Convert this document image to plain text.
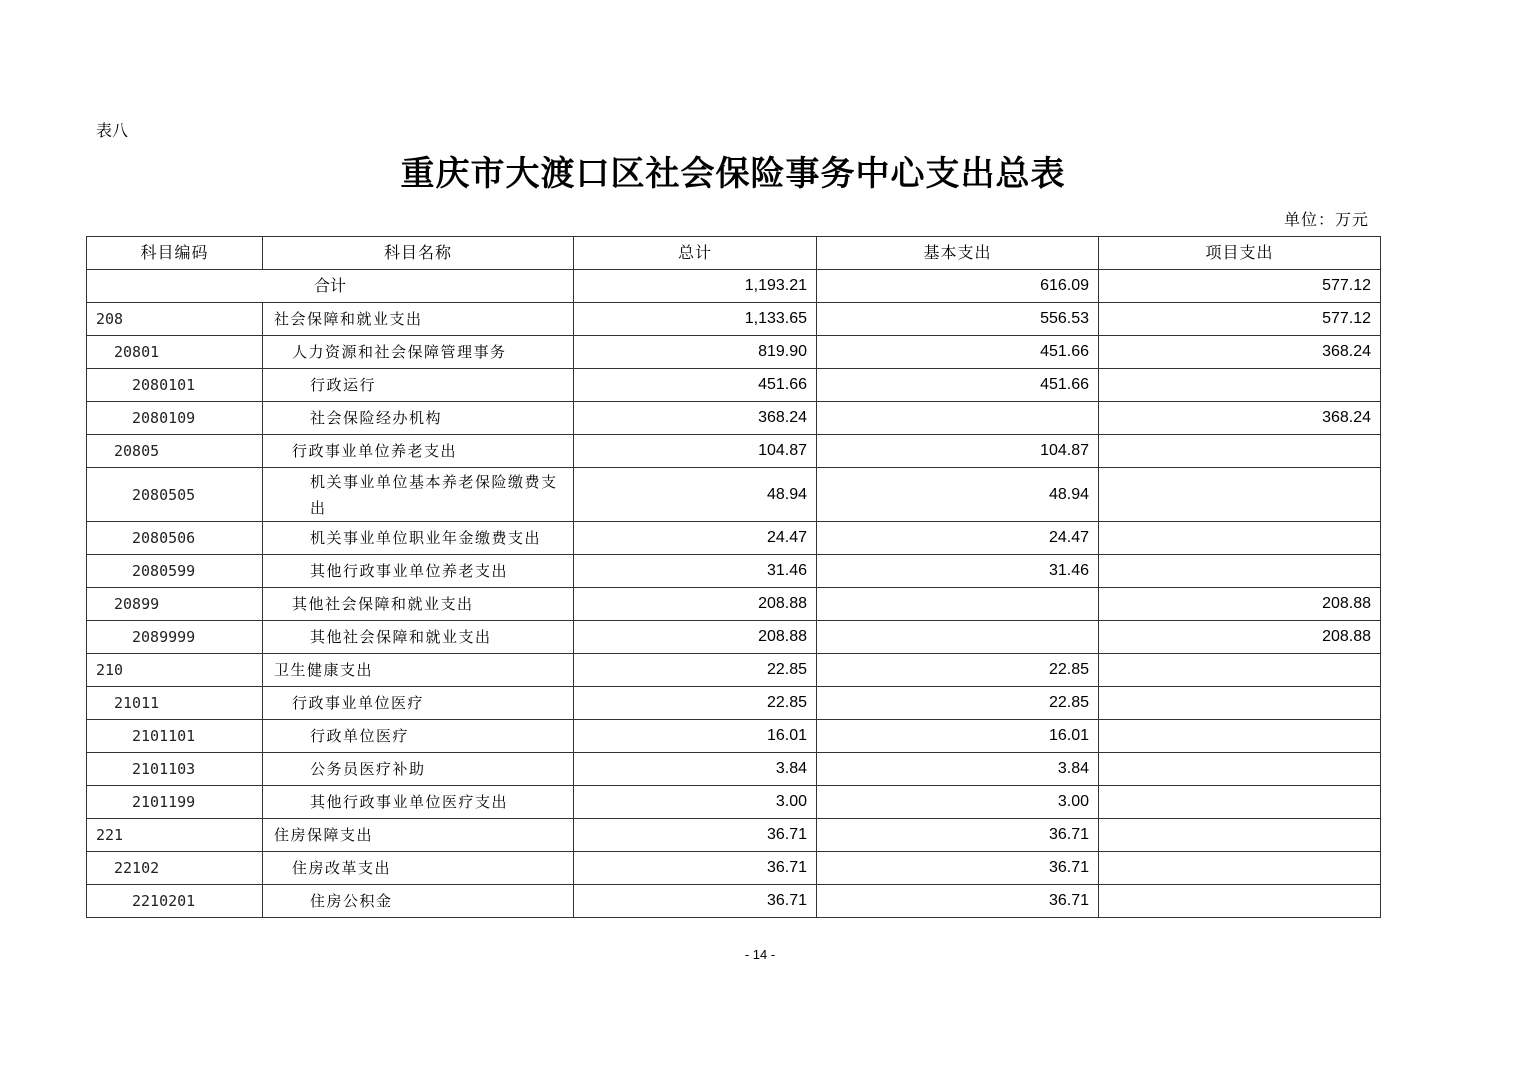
表八
重庆市大渡口区社会保险事务中心支出总表
单位：万元
科目编码	科目名称	总计	基本支出	项目支出
合计		1,193.21	616.09	577.12
208	社会保障和就业支出	1,133.65	556.53	577.12
20801	人力资源和社会保障管理事务	819.90	451.66	368.24
2080101	行政运行	451.66	451.66	
2080109	社会保险经办机构	368.24		368.24
20805	行政事业单位养老支出	104.87	104.87	
2080505	机关事业单位基本养老保险缴费支出	48.94	48.94	
2080506	机关事业单位职业年金缴费支出	24.47	24.47	
2080599	其他行政事业单位养老支出	31.46	31.46	
20899	其他社会保障和就业支出	208.88		208.88
2089999	其他社会保障和就业支出	208.88		208.88
210	卫生健康支出	22.85	22.85	
21011	行政事业单位医疗	22.85	22.85	
2101101	行政单位医疗	16.01	16.01	
2101103	公务员医疗补助	3.84	3.84	
2101199	其他行政事业单位医疗支出	3.00	3.00	
221	住房保障支出	36.71	36.71	
22102	住房改革支出	36.71	36.71	
2210201	住房公积金	36.71	36.71	
- 14 -
